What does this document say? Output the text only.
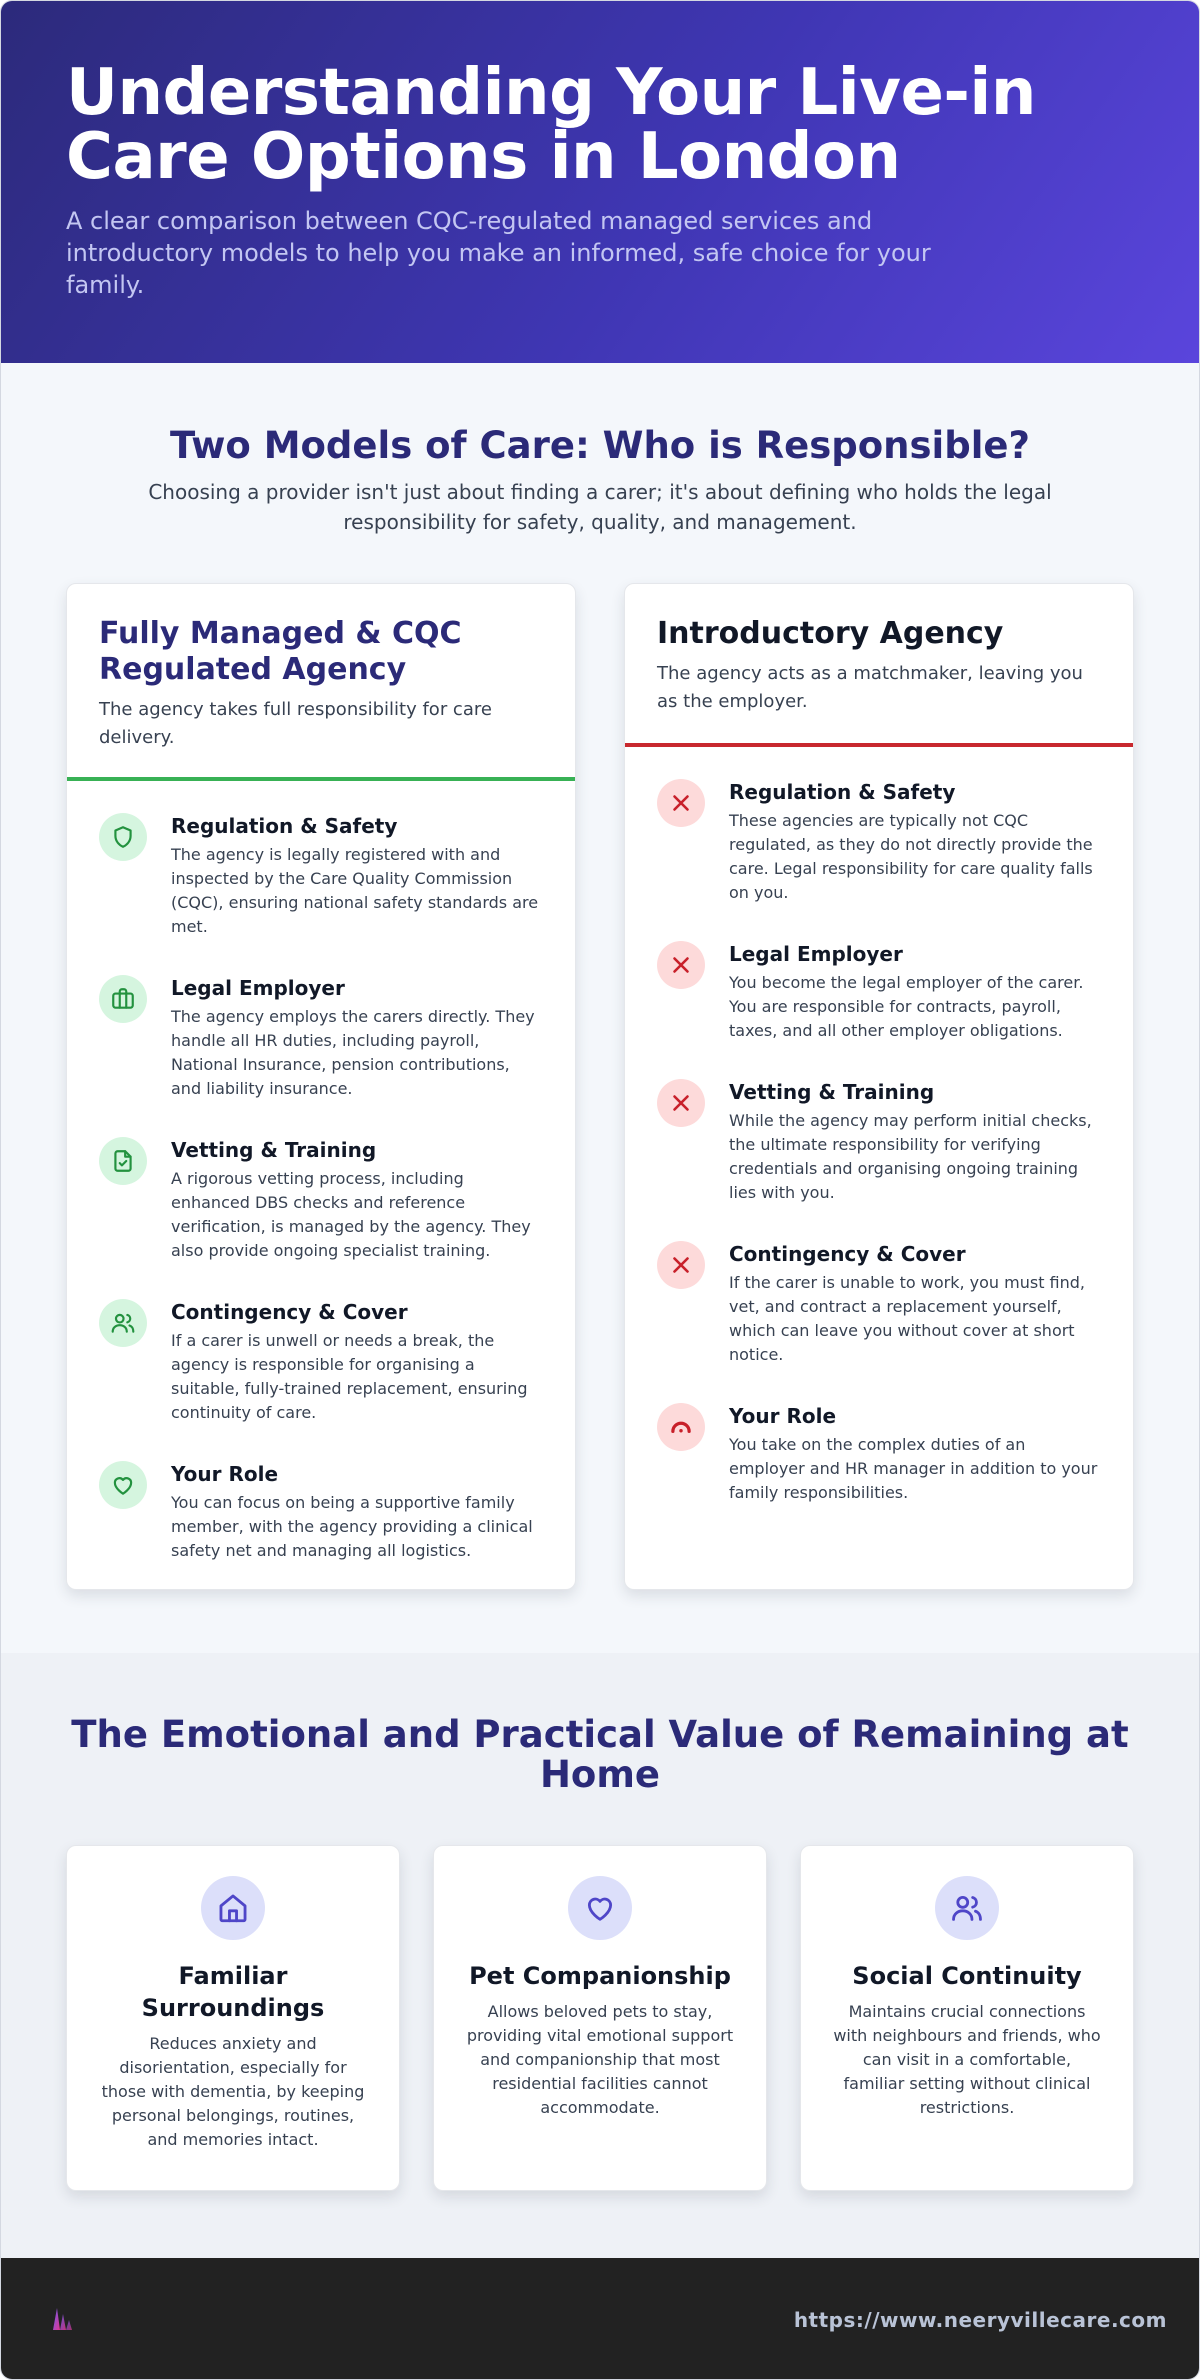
Understanding Your Live-in Care Options in London

A clear comparison between CQC-regulated managed services and introductory models to help you make an informed, safe choice for your family.

Two Models of Care: Who is Responsible?

Choosing a provider isn't just about finding a carer; it's about defining who holds the legal responsibility for safety, quality, and management.

Fully Managed & CQC Regulated Agency
The agency takes full responsibility for care delivery.
Regulation & Safety
The agency is legally registered with and inspected by the Care Quality Commission (CQC), ensuring national safety standards are met.
Legal Employer
The agency employs the carers directly. They handle all HR duties, including payroll, National Insurance, pension contributions, and liability insurance.
Vetting & Training
A rigorous vetting process, including enhanced DBS checks and reference verification, is managed by the agency. They also provide ongoing specialist training.
Contingency & Cover
If a carer is unwell or needs a break, the agency is responsible for organising a suitable, fully-trained replacement, ensuring continuity of care.
Your Role
You can focus on being a supportive family member, with the agency providing a clinical safety net and managing all logistics.
Introductory Agency
The agency acts as a matchmaker, leaving you as the employer.
Regulation & Safety
These agencies are typically not CQC regulated, as they do not directly provide the care. Legal responsibility for care quality falls on you.
Legal Employer
You become the legal employer of the carer. You are responsible for contracts, payroll, taxes, and all other employer obligations.
Vetting & Training
While the agency may perform initial checks, the ultimate responsibility for verifying credentials and organising ongoing training lies with you.
Contingency & Cover
If the carer is unable to work, you must find, vet, and contract a replacement yourself, which can leave you without cover at short notice.
Your Role
You take on the complex duties of an employer and HR manager in addition to your family responsibilities.
The Emotional and Practical Value of Remaining at Home
Familiar Surroundings
Reduces anxiety and disorientation, especially for those with dementia, by keeping personal belongings, routines, and memories intact.
Pet Companionship
Allows beloved pets to stay, providing vital emotional support and companionship that most residential facilities cannot accommodate.
Social Continuity
Maintains crucial connections with neighbours and friends, who can visit in a comfortable, familiar setting without clinical restrictions.
https://www.neeryvillecare.com
